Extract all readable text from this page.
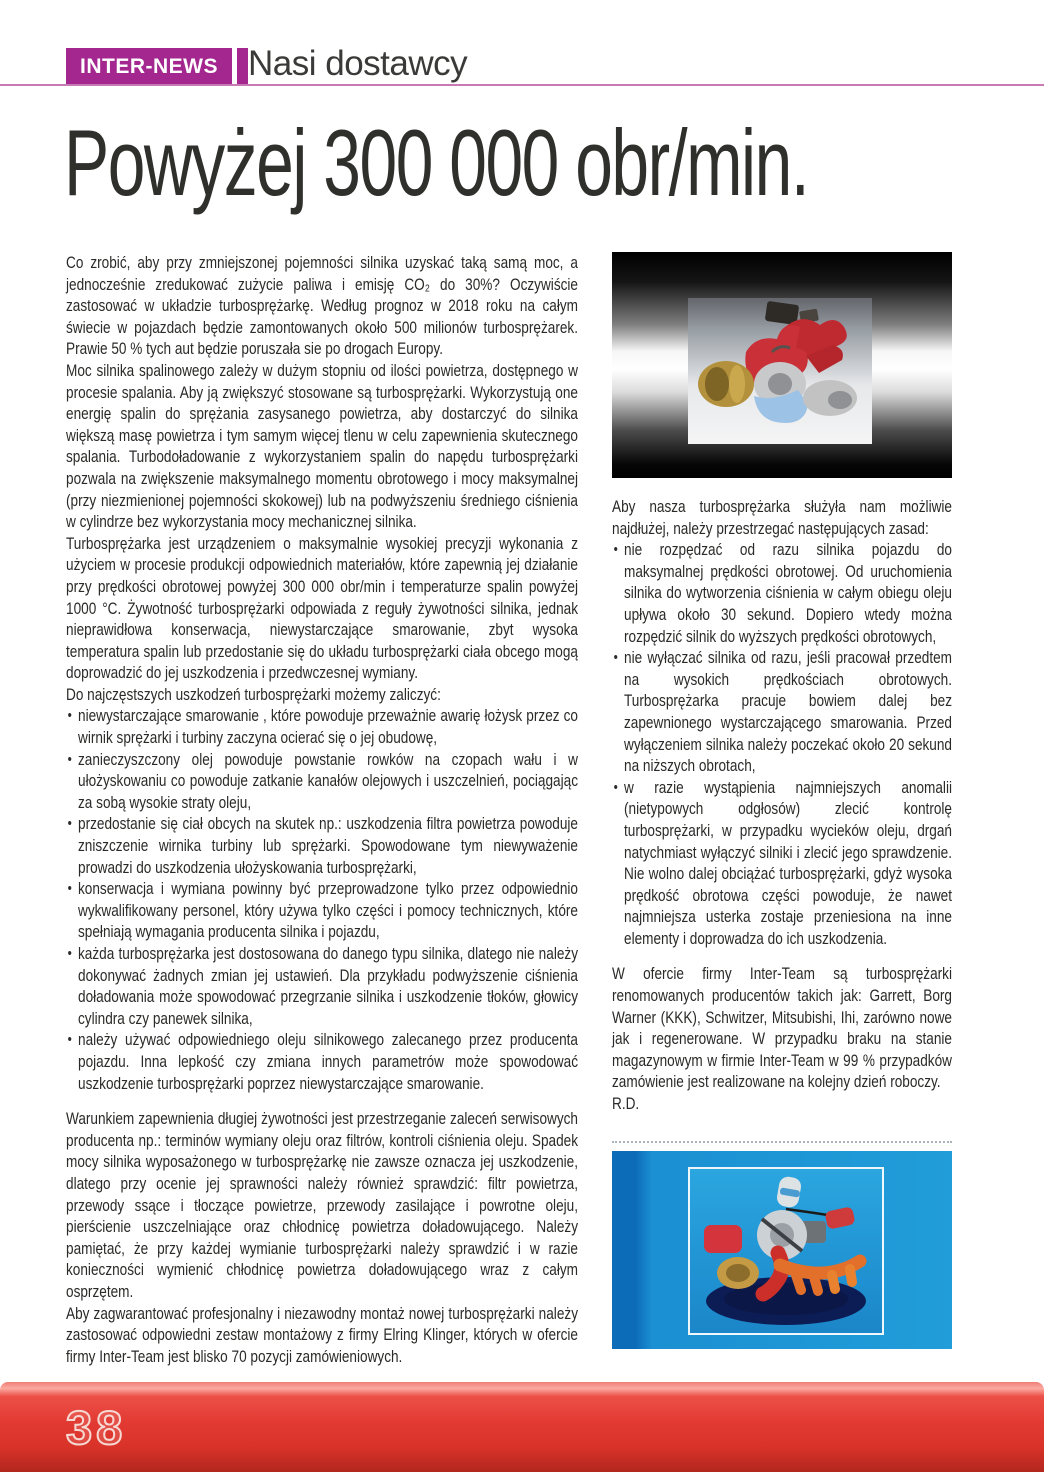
INTER-NEWS Nasi dostawcy
Powyżej 300 000 obr/min.

Co zrobić, aby przy zmniejszonej pojemności silnika uzyskać taką samą moc, a jednocześnie zredukować zużycie paliwa i emisję CO₂ do 30%? Oczywiście zastosować w układzie turbosprężarkę. Według prognoz w 2018 roku na całym świecie w pojazdach będzie zamontowanych około 500 milionów turbosprężarek. Prawie 50 % tych aut będzie poruszała sie po drogach Europy.

Moc silnika spalinowego zależy w dużym stopniu od ilości powietrza, dostępnego w procesie spalania. Aby ją zwiększyć stosowane są turbosprężarki. Wykorzystują one energię spalin do sprężania zasysanego powietrza, aby dostarczyć do silnika większą masę powietrza i tym samym więcej tlenu w celu zapewnienia skutecznego spalania. Turbodoładowanie z wykorzystaniem spalin do napędu turbosprężarki pozwala na zwiększenie maksymalnego momentu obrotowego i mocy maksymalnej (przy niezmienionej pojemności skokowej) lub na podwyższeniu średniego ciśnienia w cylindrze bez wykorzystania mocy mechanicznej silnika.

Turbosprężarka jest urządzeniem o maksymalnie wysokiej precyzji wykonania z użyciem w procesie produkcji odpowiednich materiałów, które zapewnią jej działanie przy prędkości obrotowej powyżej 300 000 obr/min i temperaturze spalin powyżej 1000 °C. Żywotność turbosprężarki odpowiada z reguły żywotności silnika, jednak nieprawidłowa konserwacja, niewystarczające smarowanie, zbyt wysoka temperatura spalin lub przedostanie się do układu turbosprężarki ciała obcego mogą doprowadzić do jej uszkodzenia i przedwczesnej wymiany.

Do najczęstszych uszkodzeń turbosprężarki możemy zaliczyć:

• niewystarczające smarowanie , które powoduje przeważnie awarię łożysk przez co wirnik sprężarki i turbiny zaczyna ocierać się o jej obudowę,
• zanieczyszczony olej powoduje powstanie rowków na czopach wału i w ułożyskowaniu co powoduje zatkanie kanałów olejowych i uszczelnień, pociągając za sobą wysokie straty oleju,
• przedostanie się ciał obcych na skutek np.: uszkodzenia filtra powietrza powoduje zniszczenie wirnika turbiny lub sprężarki. Spowodowane tym niewyważenie prowadzi do uszkodzenia ułożyskowania turbosprężarki,
• konserwacja i wymiana powinny być przeprowadzone tylko przez odpowiednio wykwalifikowany personel, który używa tylko części i pomocy technicznych, które spełniają wymagania producenta silnika i pojazdu,
• każda turbosprężarka jest dostosowana do danego typu silnika, dlatego nie należy dokonywać żadnych zmian jej ustawień. Dla przykładu podwyższenie ciśnienia doładowania może spowodować przegrzanie silnika i uszkodzenie tłoków, głowicy cylindra czy panewek silnika,
• należy używać odpowiedniego oleju silnikowego zalecanego przez producenta pojazdu. Inna lepkość czy zmiana innych parametrów może spowodować uszkodzenie turbosprężarki poprzez niewystarczające smarowanie.

Warunkiem zapewnienia długiej żywotności jest przestrzeganie zaleceń serwisowych producenta np.: terminów wymiany oleju oraz filtrów, kontroli ciśnienia oleju. Spadek mocy silnika wyposażonego w turbosprężarkę nie zawsze oznacza jej uszkodzenie, dlatego przy ocenie jej sprawności należy również sprawdzić: filtr powietrza, przewody ssące i tłoczące powietrze, przewody zasilające i powrotne oleju, pierścienie uszczelniające oraz chłodnicę powietrza doładowującego. Należy pamiętać, że przy każdej wymianie turbosprężarki należy sprawdzić i w razie konieczności wymienić chłodnicę powietrza doładowującego wraz z całym osprzętem.

Aby zagwarantować profesjonalny i niezawodny montaż nowej turbosprężarki należy zastosować odpowiedni zestaw montażowy z firmy Elring Klinger, których w ofercie firmy Inter-Team jest blisko 70 pozycji zamówieniowych.

Aby nasza turbosprężarka służyła nam możliwie najdłużej, należy przestrzegać następujących zasad:

• nie rozpędzać od razu silnika pojazdu do maksymalnej prędkości obrotowej. Od uruchomienia silnika do wytworzenia ciśnienia w całym obiegu oleju upływa około 30 sekund. Dopiero wtedy można rozpędzić silnik do wyższych prędkości obrotowych,
• nie wyłączać silnika od razu, jeśli pracował przedtem na wysokich prędkościach obrotowych. Turbosprężarka pracuje bowiem dalej bez zapewnionego wystarczającego smarowania. Przed wyłączeniem silnika należy poczekać około 20 sekund na niższych obrotach,
• w razie wystąpienia najmniejszych anomalii (nietypowych odgłosów) zlecić kontrolę turbosprężarki, w przypadku wycieków oleju, drgań natychmiast wyłączyć silniki i zlecić jego sprawdzenie. Nie wolno dalej obciążać turbosprężarki, gdyż wysoka prędkość obrotowa części powoduje, że nawet najmniejsza usterka zostaje przeniesiona na inne elementy i doprowadza do ich uszkodzenia.

W ofercie firmy Inter-Team są turbosprężarki renomowanych producentów takich jak: Garrett, Borg Warner (KKK), Schwitzer, Mitsubishi, Ihi, zarówno nowe jak i regenerowane. W przypadku braku na stanie magazynowym w firmie Inter-Team w 99 % przypadków zamówienie jest realizowane na kolejny dzień roboczy.

R.D.

38
